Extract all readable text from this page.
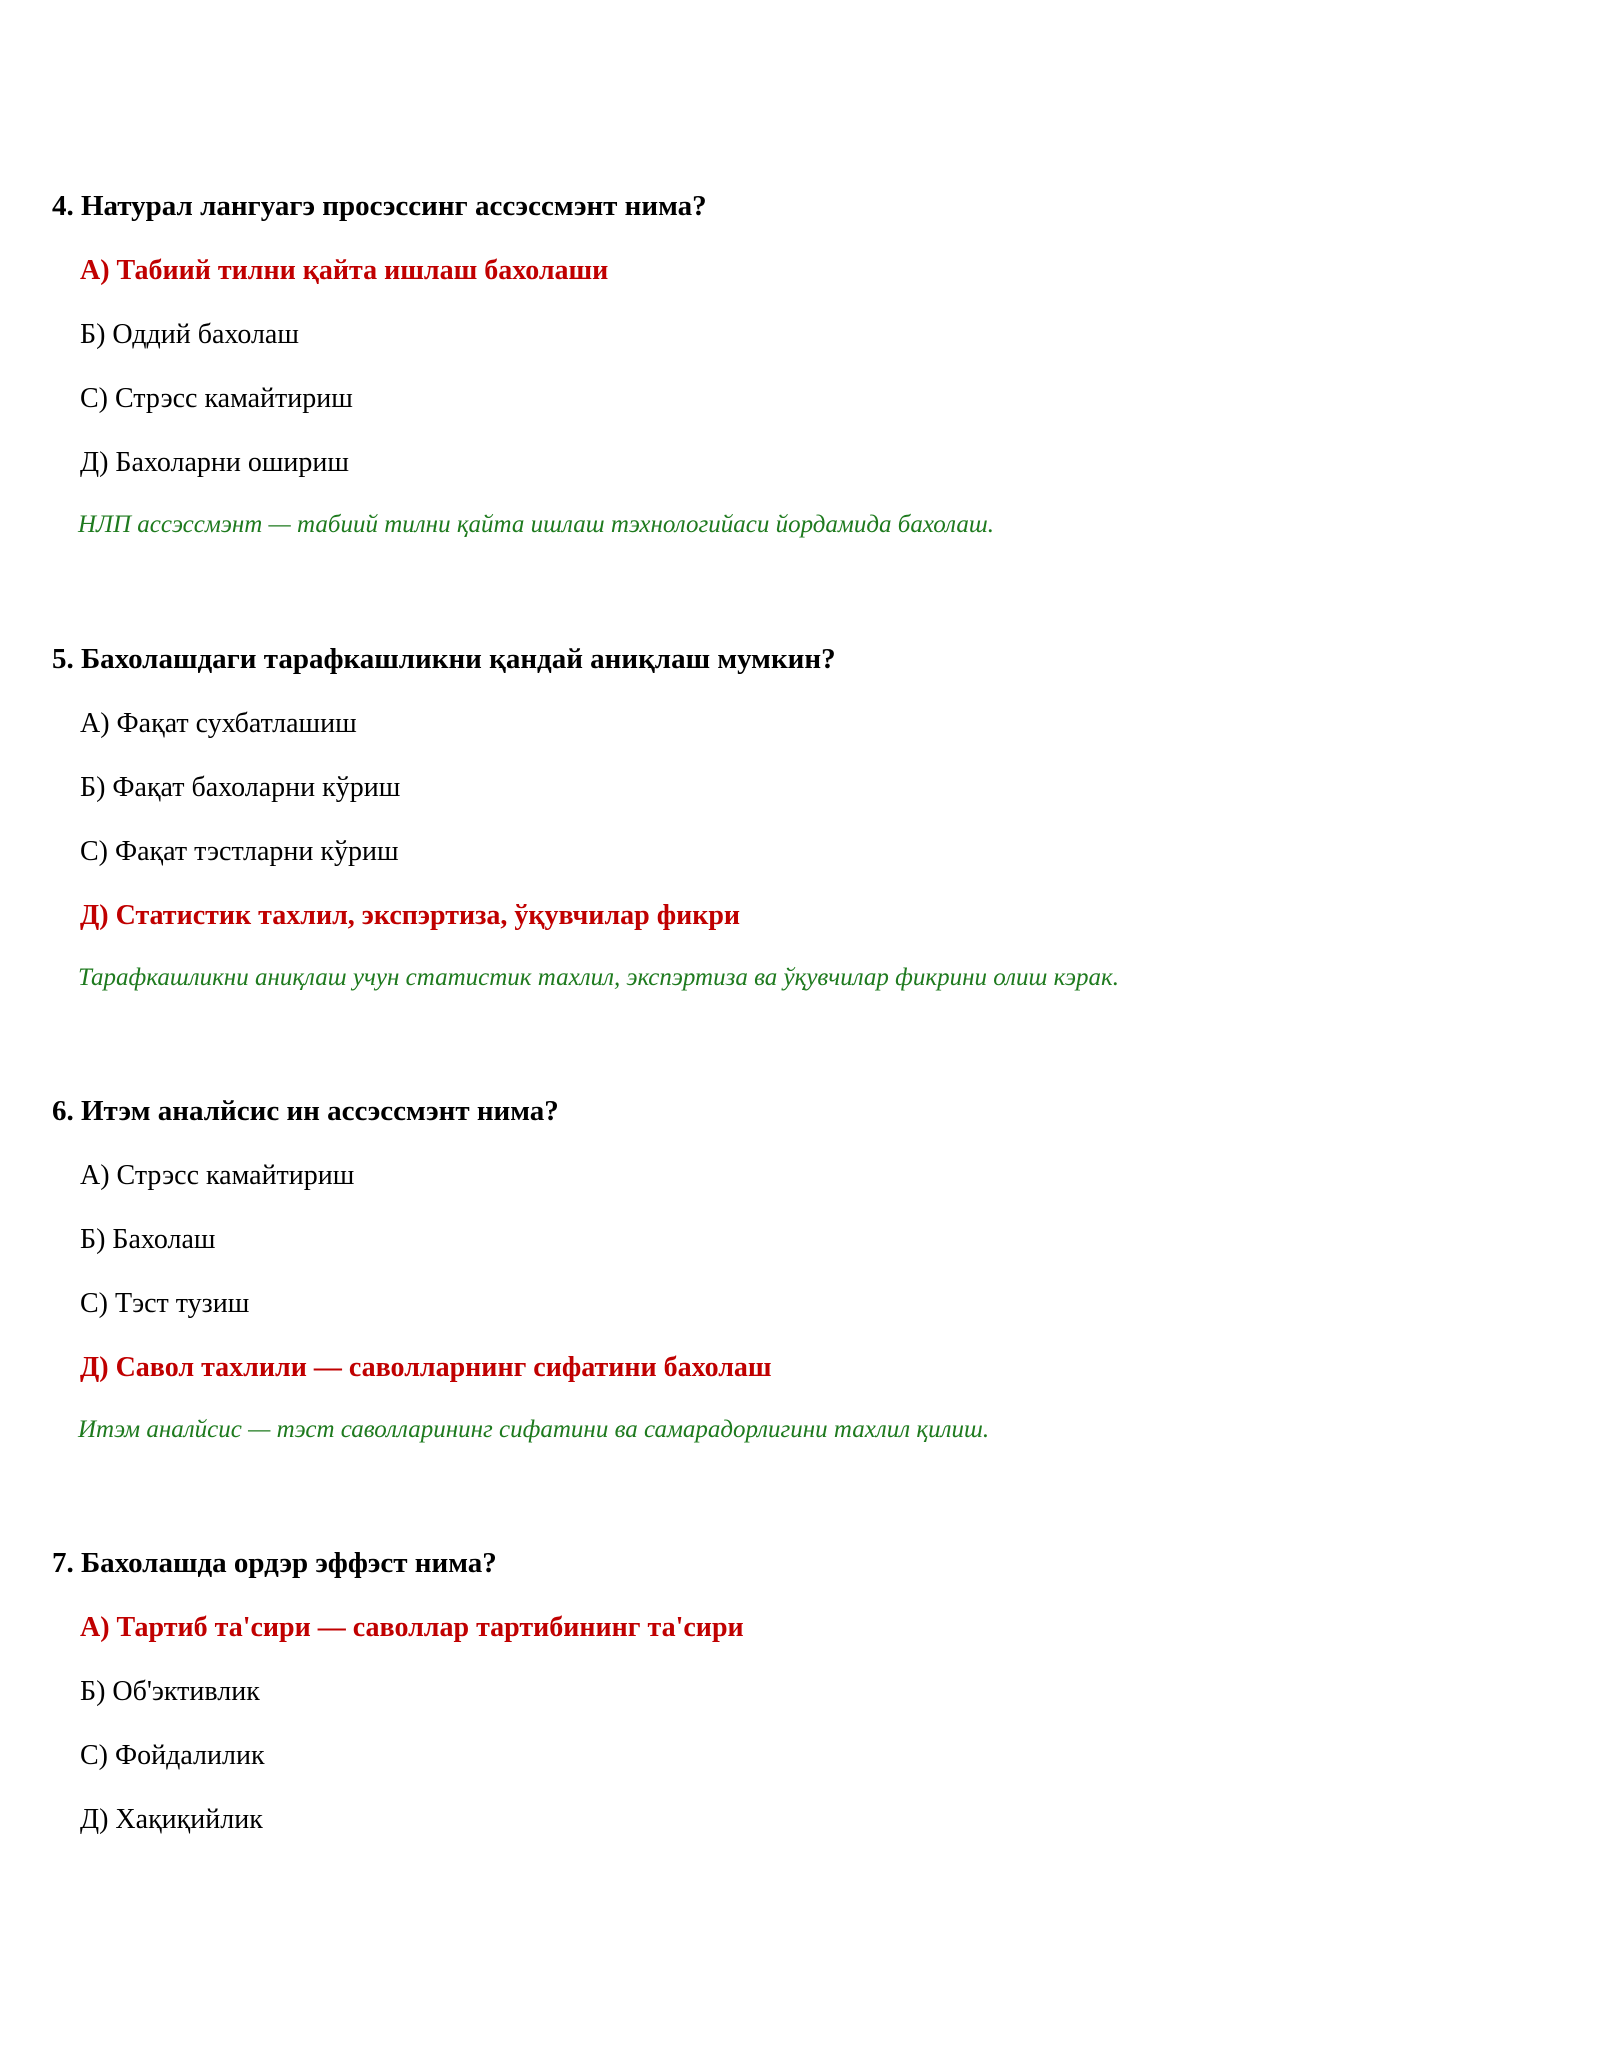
4. Натурал лангуагэ просэссинг ассэссмэнт нима?
А) Табиий тилни қайта ишлаш бахолаши
Б) Оддий бахолаш
С) Стрэсс камайтириш
Д) Бахоларни ошириш
НЛП ассэссмэнт — табиий тилни қайта ишлаш тэхнологийаси йордамида бахолаш.
5. Бахолашдаги тарафкашликни қандай аниқлаш мумкин?
А) Фақат сухбатлашиш
Б) Фақат бахоларни кўриш
С) Фақат тэстларни кўриш
Д) Статистик тахлил, экспэртиза, ўқувчилар фикри
Тарафкашликни аниқлаш учун статистик тахлил, экспэртиза ва ўқувчилар фикрини олиш кэрак.
6. Итэм аналйсис ин ассэссмэнт нима?
А) Стрэсс камайтириш
Б) Бахолаш
С) Тэст тузиш
Д) Савол тахлили — саволларнинг сифатини бахолаш
Итэм аналйсис — тэст саволларининг сифатини ва самарадорлигини тахлил қилиш.
7. Бахолашда ордэр эффэст нима?
А) Тартиб та'сири — саволлар тартибининг та'сири
Б) Об'эктивлик
С) Фойдалилик
Д) Хақиқийлик
